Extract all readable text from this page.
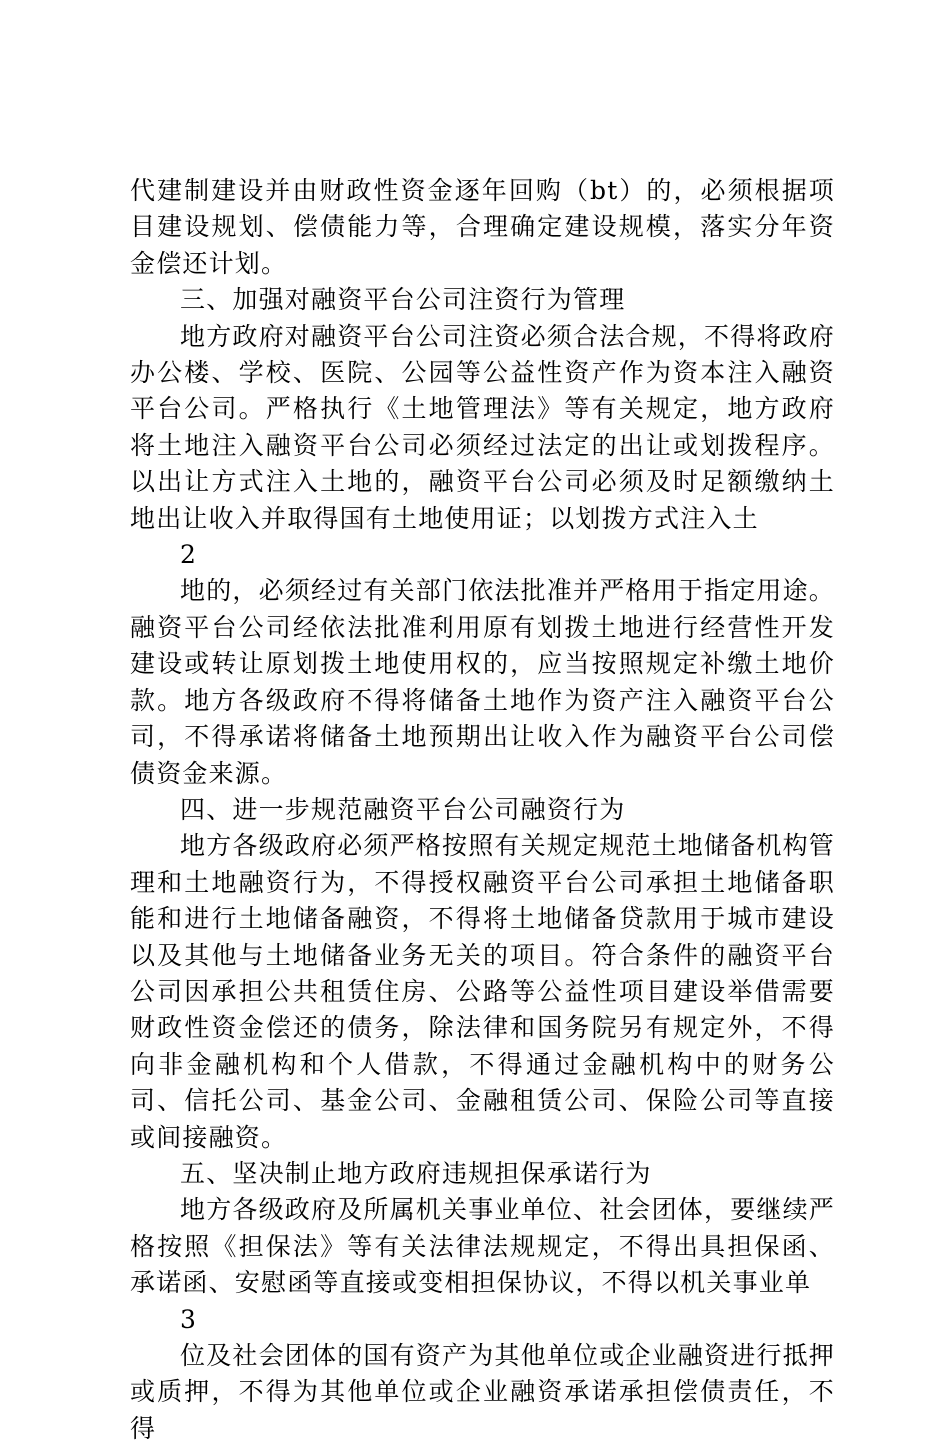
代建制建设并由财政性资金逐年回购（bt）的，必须根据项目建设规划、偿债能力等，合理确定建设规模，落实分年资金偿还计划。

三、加强对融资平台公司注资行为管理

地方政府对融资平台公司注资必须合法合规，不得将政府办公楼、学校、医院、公园等公益性资产作为资本注入融资平台公司。严格执行《土地管理法》等有关规定，地方政府将土地注入融资平台公司必须经过法定的出让或划拨程序。以出让方式注入土地的，融资平台公司必须及时足额缴纳土地出让收入并取得国有土地使用证；以划拨方式注入土

2

地的，必须经过有关部门依法批准并严格用于指定用途。融资平台公司经依法批准利用原有划拨土地进行经营性开发建设或转让原划拨土地使用权的，应当按照规定补缴土地价款。地方各级政府不得将储备土地作为资产注入融资平台公司，不得承诺将储备土地预期出让收入作为融资平台公司偿债资金来源。

四、进一步规范融资平台公司融资行为

地方各级政府必须严格按照有关规定规范土地储备机构管理和土地融资行为，不得授权融资平台公司承担土地储备职能和进行土地储备融资，不得将土地储备贷款用于城市建设以及其他与土地储备业务无关的项目。符合条件的融资平台公司因承担公共租赁住房、公路等公益性项目建设举借需要财政性资金偿还的债务，除法律和国务院另有规定外，不得向非金融机构和个人借款，不得通过金融机构中的财务公司、信托公司、基金公司、金融租赁公司、保险公司等直接或间接融资。

五、坚决制止地方政府违规担保承诺行为

地方各级政府及所属机关事业单位、社会团体，要继续严格按照《担保法》等有关法律法规规定，不得出具担保函、承诺函、安慰函等直接或变相担保协议，不得以机关事业单

3

位及社会团体的国有资产为其他单位或企业融资进行抵押或质押，不得为其他单位或企业融资承诺承担偿债责任，不得
